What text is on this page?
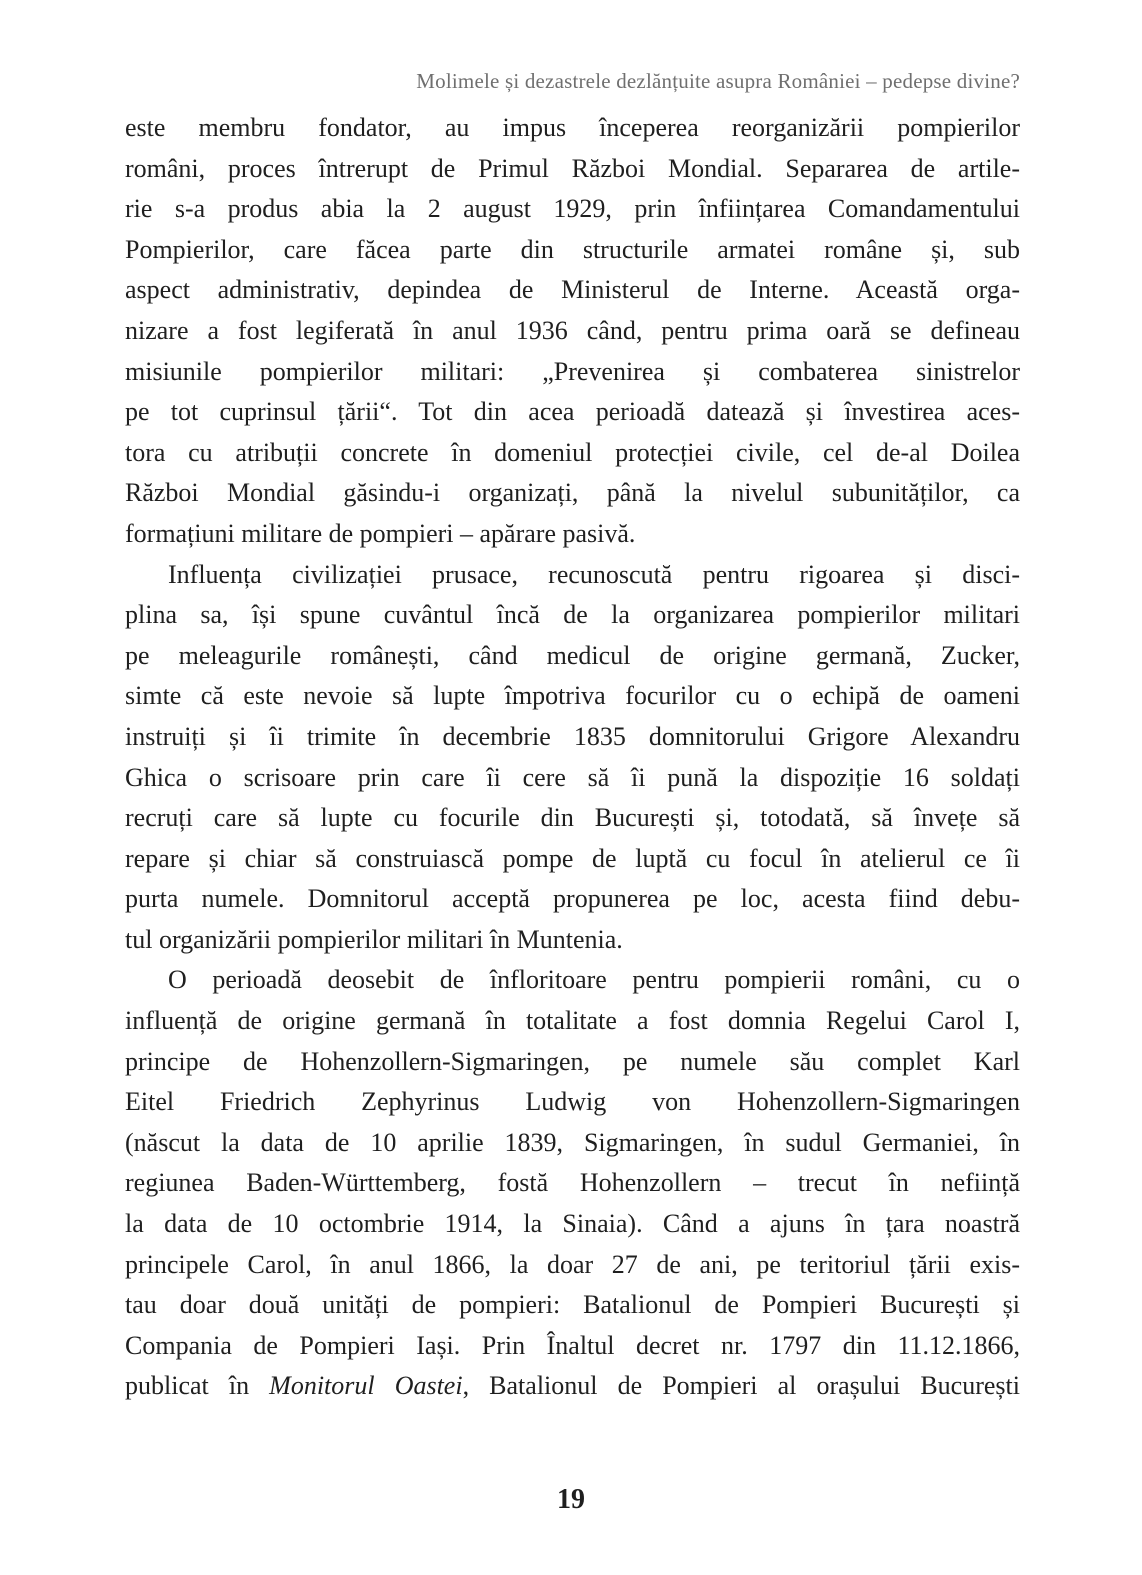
Molimele și dezastrele dezlănțuite asupra României – pedepse divine?
este membru fondator, au impus începerea reorganizării pompierilor
români, proces întrerupt de Primul Război Mondial. Separarea de artile-
rie s-a produs abia la 2 august 1929, prin înființarea Comandamentului
Pompierilor, care făcea parte din structurile armatei române și, sub
aspect administrativ, depindea de Ministerul de Interne. Această orga-
nizare a fost legiferată în anul 1936 când, pentru prima oară se defineau
misiunile pompierilor militari: „Prevenirea și combaterea sinistrelor
pe tot cuprinsul țării“. Tot din acea perioadă datează și învestirea aces-
tora cu atribuții concrete în domeniul protecției civile, cel de-al Doilea
Război Mondial găsindu-i organizați, până la nivelul subunităților, ca
formațiuni militare de pompieri – apărare pasivă.
Influența civilizației prusace, recunoscută pentru rigoarea și disci-
plina sa, își spune cuvântul încă de la organizarea pompierilor militari
pe meleagurile românești, când medicul de origine germană, Zucker,
simte că este nevoie să lupte împotriva focurilor cu o echipă de oameni
instruiți și îi trimite în decembrie 1835 domnitorului Grigore Alexandru
Ghica o scrisoare prin care îi cere să îi pună la dispoziție 16 soldați
recruți care să lupte cu focurile din București și, totodată, să învețe să
repare și chiar să construiască pompe de luptă cu focul în atelierul ce îi
purta numele. Domnitorul acceptă propunerea pe loc, acesta fiind debu-
tul organizării pompierilor militari în Muntenia.
O perioadă deosebit de înfloritoare pentru pompierii români, cu o
influență de origine germană în totalitate a fost domnia Regelui Carol I,
principe de Hohenzollern-Sigmaringen, pe numele său complet Karl
Eitel Friedrich Zephyrinus Ludwig von Hohenzollern-Sigmaringen
(născut la data de 10 aprilie 1839, Sigmaringen, în sudul Germaniei, în
regiunea Baden-Württemberg, fostă Hohenzollern – trecut în neființă
la data de 10 octombrie 1914, la Sinaia). Când a ajuns în țara noastră
principele Carol, în anul 1866, la doar 27 de ani, pe teritoriul țării exis-
tau doar două unități de pompieri: Batalionul de Pompieri București și
Compania de Pompieri Iași. Prin Înaltul decret nr. 1797 din 11.12.1866,
publicat în Monitorul Oastei, Batalionul de Pompieri al orașului București
19
